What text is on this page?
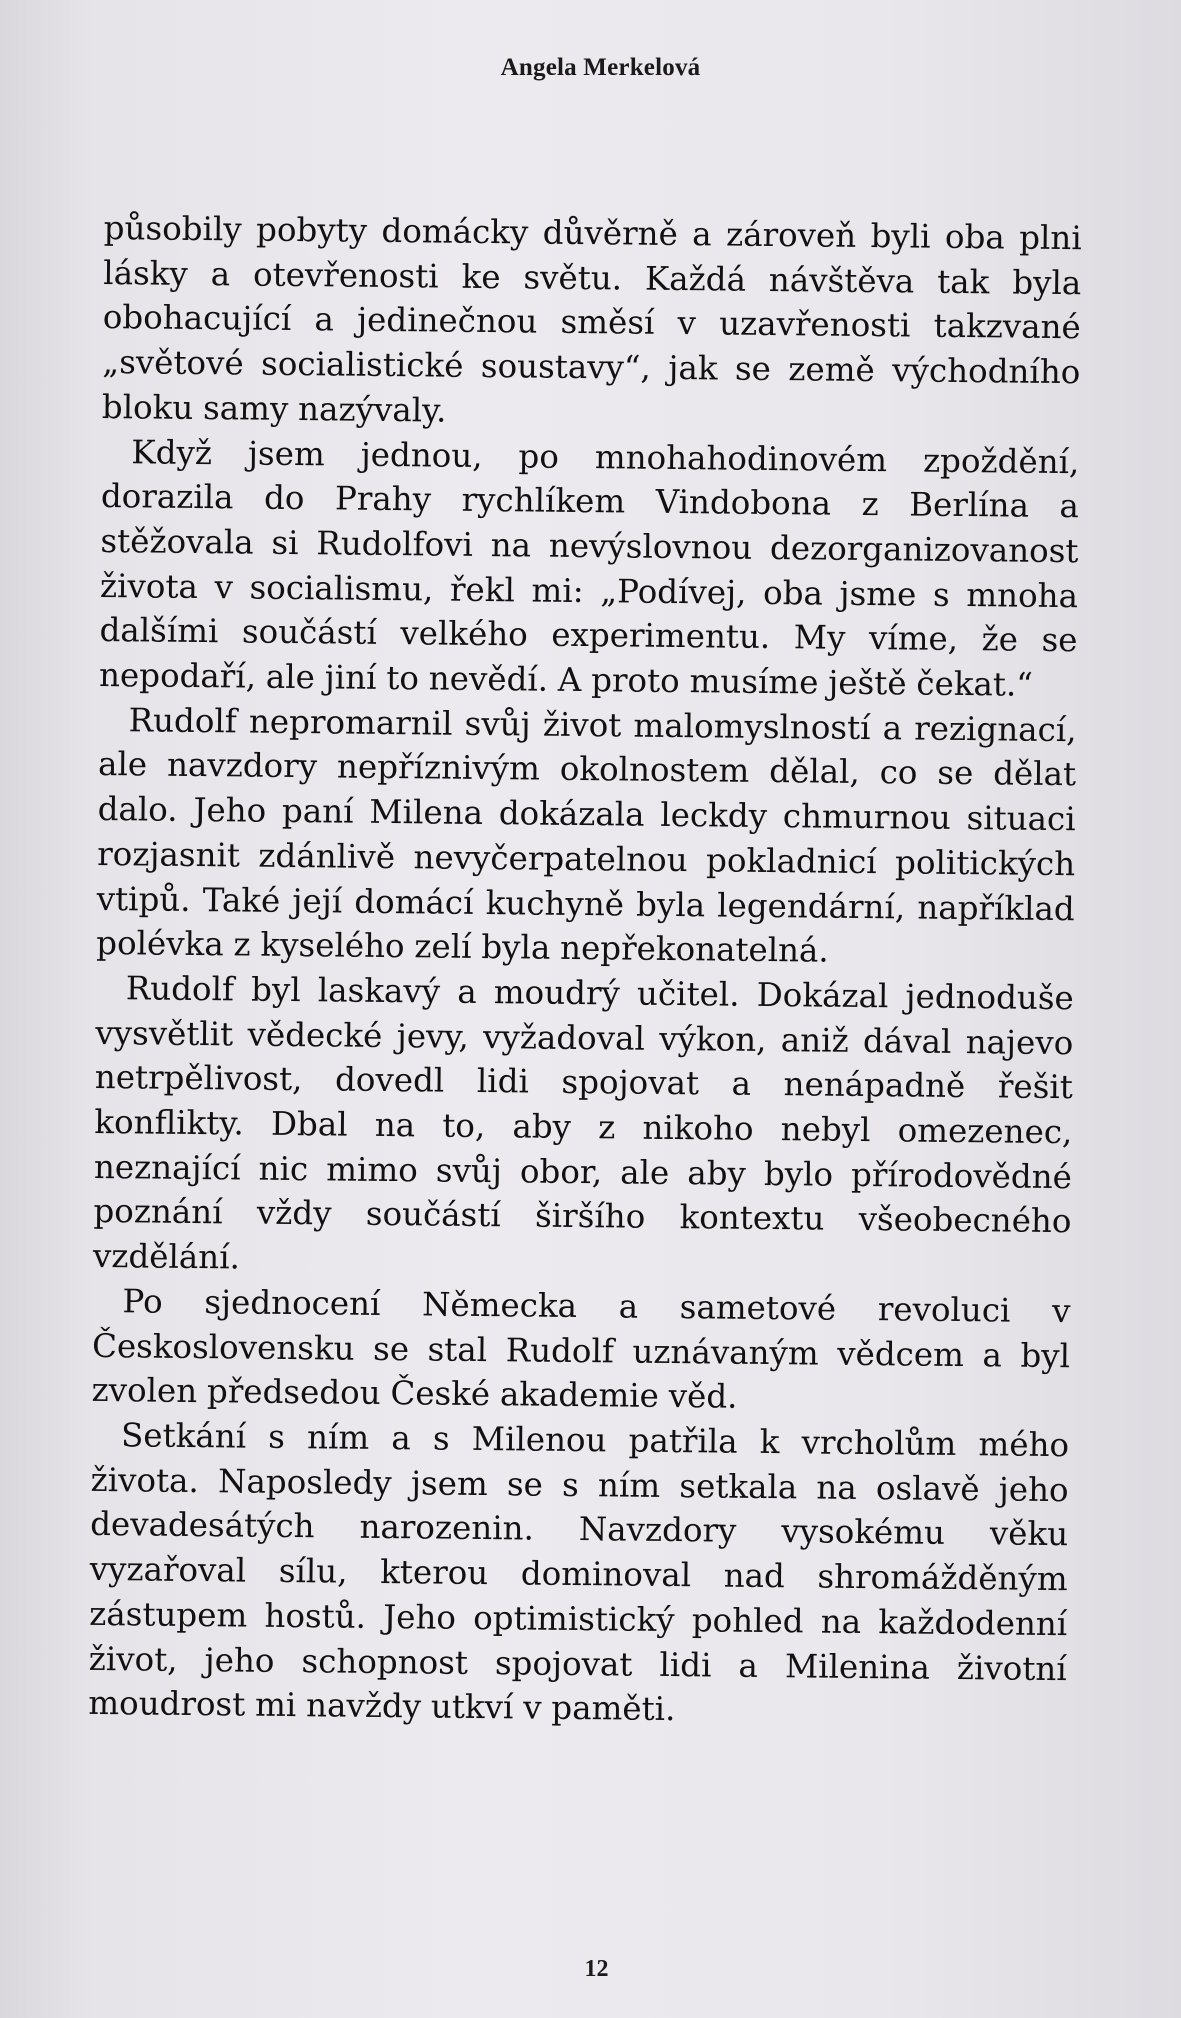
Angela Merkelová

působily pobyty domácky důvěrně a zároveň byli oba plni lásky a otevřenosti ke světu. Každá návštěva tak byla obohacující a jedinečnou směsí v uzavřenosti takzvané „světové socialistické soustavy“, jak se země východního bloku samy nazývaly.

Když jsem jednou, po mnohahodinovém zpoždění, dorazila do Prahy rychlíkem Vindobona z Berlína a stěžovala si Rudolfovi na nevýslovnou dezorganizovanost života v socialismu, řekl mi: „Podívej, oba jsme s mnoha dalšími součástí velkého experimentu. My víme, že se nepodaří, ale jiní to nevědí. A proto musíme ještě čekat.“

Rudolf nepromarnil svůj život malomyslností a rezignací, ale navzdory nepříznivým okolnostem dělal, co se dělat dalo. Jeho paní Milena dokázala leckdy chmurnou situaci rozjasnit zdánlivě nevyčerpatelnou pokladnicí politických vtipů. Také její domácí kuchyně byla legendární, například polévka z kyselého zelí byla nepřekonatelná.

Rudolf byl laskavý a moudrý učitel. Dokázal jednoduše vysvětlit vědecké jevy, vyžadoval výkon, aniž dával najevo netrpělivost, dovedl lidi spojovat a nenápadně řešit konflikty. Dbal na to, aby z nikoho nebyl omezenec, neznající nic mimo svůj obor, ale aby bylo přírodovědné poznání vždy součástí širšího kontextu všeobecného vzdělání.

Po sjednocení Německa a sametové revoluci v Československu se stal Rudolf uznávaným vědcem a byl zvolen předsedou České akademie věd.

Setkání s ním a s Milenou patřila k vrcholům mého života. Naposledy jsem se s ním setkala na oslavě jeho devadesátých narozenin. Navzdory vysokému věku vyzařoval sílu, kterou dominoval nad shromážděným zástupem hostů. Jeho optimistický pohled na každodenní život, jeho schopnost spojovat lidi a Milenina životní moudrost mi navždy utkví v paměti.

12
